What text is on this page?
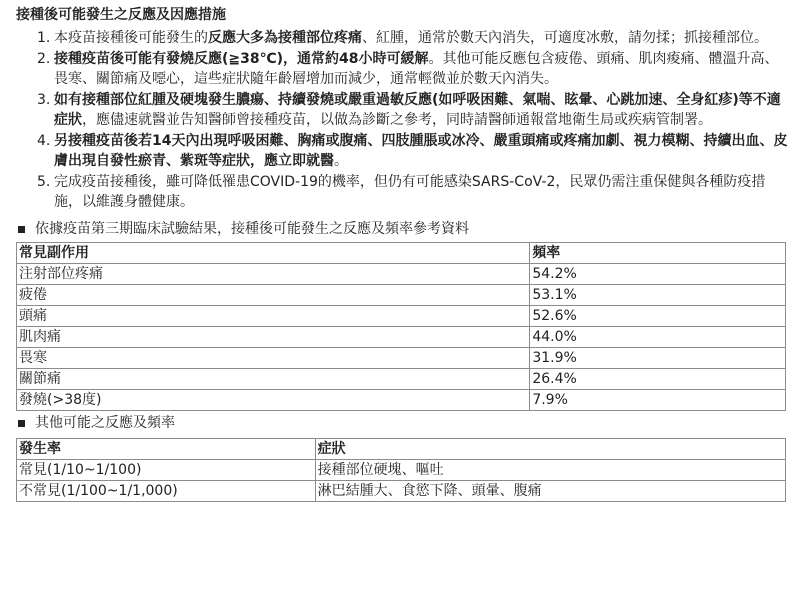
接種後可能發生之反應及因應措施
1. 本疫苗接種後可能發生的反應大多為接種部位疼痛、紅腫，通常於數天內消失，可適度冰敷，請勿揉；抓接種部位。
2. 接種疫苗後可能有發燒反應(≧38℃)，通常約48小時可緩解。其他可能反應包含疲倦、頭痛、肌肉痠痛、體溫升高、畏寒、關節痛及噁心，這些症狀隨年齡層增加而減少，通常輕微並於數天內消失。
3. 如有接種部位紅腫及硬塊發生膿瘍、持續發燒或嚴重過敏反應(如呼吸困難、氣喘、眩暈、心跳加速、全身紅疹)等不適症狀，應儘速就醫並告知醫師曾接種疫苗，以做為診斷之參考，同時請醫師通報當地衛生局或疾病管制署。
4. 另接種疫苗後若14天內出現呼吸困難、胸痛或腹痛、四肢腫脹或冰冷、嚴重頭痛或疼痛加劇、視力模糊、持續出血、皮膚出現自發性瘀青、紫斑等症狀，應立即就醫。
5. 完成疫苗接種後，雖可降低罹患COVID-19的機率，但仍有可能感染SARS-CoV-2，民眾仍需注重保健與各種防疫措施，以維護身體健康。
依據疫苗第三期臨床試驗結果，接種後可能發生之反應及頻率參考資料
常見副作用	頻率
注射部位疼痛	54.2%
疲倦	53.1%
頭痛	52.6%
肌肉痛	44.0%
畏寒	31.9%
關節痛	26.4%
發燒(>38度)	7.9%
其他可能之反應及頻率
發生率	症狀
常見(1/10~1/100)	接種部位硬塊、嘔吐
不常見(1/100~1/1,000)	淋巴結腫大、食慾下降、頭暈、腹痛
